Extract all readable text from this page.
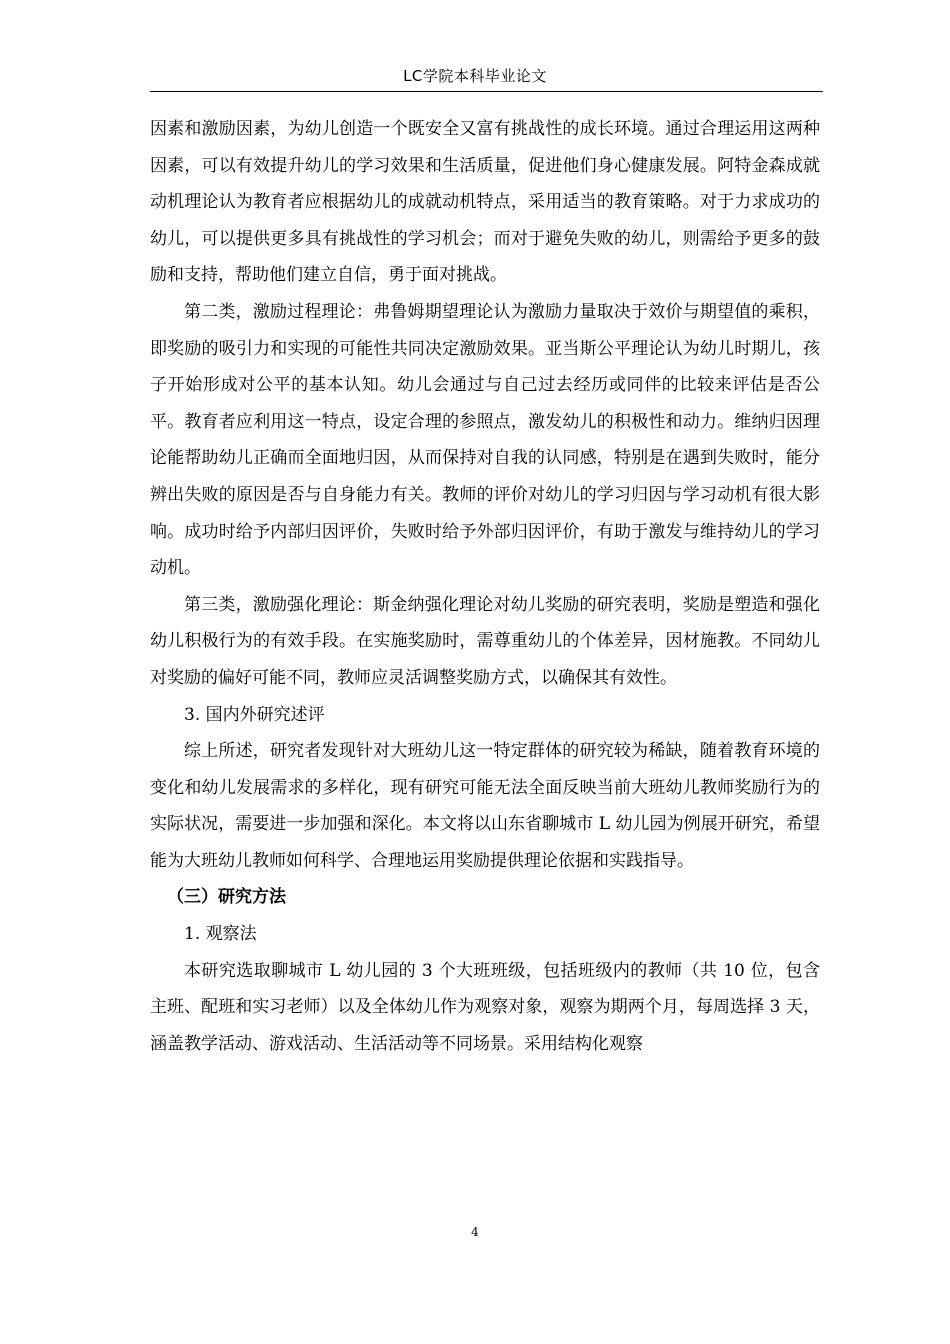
LC学院本科毕业论文

因素和激励因素，为幼儿创造一个既安全又富有挑战性的成长环境。通过合理运用这两种因素，可以有效提升幼儿的学习效果和生活质量，促进他们身心健康发展。阿特金森成就动机理论认为教育者应根据幼儿的成就动机特点，采用适当的教育策略。对于力求成功的幼儿，可以提供更多具有挑战性的学习机会；而对于避免失败的幼儿，则需给予更多的鼓励和支持，帮助他们建立自信，勇于面对挑战。

第二类，激励过程理论：弗鲁姆期望理论认为激励力量取决于效价与期望值的乘积，即奖励的吸引力和实现的可能性共同决定激励效果。亚当斯公平理论认为幼儿时期儿，孩子开始形成对公平的基本认知。幼儿会通过与自己过去经历或同伴的比较来评估是否公平。教育者应利用这一特点，设定合理的参照点，激发幼儿的积极性和动力。维纳归因理论能帮助幼儿正确而全面地归因，从而保持对自我的认同感，特别是在遇到失败时，能分辨出失败的原因是否与自身能力有关。教师的评价对幼儿的学习归因与学习动机有很大影响。成功时给予内部归因评价，失败时给予外部归因评价，有助于激发与维持幼儿的学习动机。

第三类，激励强化理论：斯金纳强化理论对幼儿奖励的研究表明，奖励是塑造和强化幼儿积极行为的有效手段。在实施奖励时，需尊重幼儿的个体差异，因材施教。不同幼儿对奖励的偏好可能不同，教师应灵活调整奖励方式，以确保其有效性。

3. 国内外研究述评

综上所述，研究者发现针对大班幼儿这一特定群体的研究较为稀缺，随着教育环境的变化和幼儿发展需求的多样化，现有研究可能无法全面反映当前大班幼儿教师奖励行为的实际状况，需要进一步加强和深化。本文将以山东省聊城市 L 幼儿园为例展开研究，希望能为大班幼儿教师如何科学、合理地运用奖励提供理论依据和实践指导。

（三）研究方法

1. 观察法

本研究选取聊城市 L 幼儿园的 3 个大班班级，包括班级内的教师（共 10 位，包含主班、配班和实习老师）以及全体幼儿作为观察对象，观察为期两个月，每周选择 3 天，涵盖教学活动、游戏活动、生活活动等不同场景。采用结构化观察

4
